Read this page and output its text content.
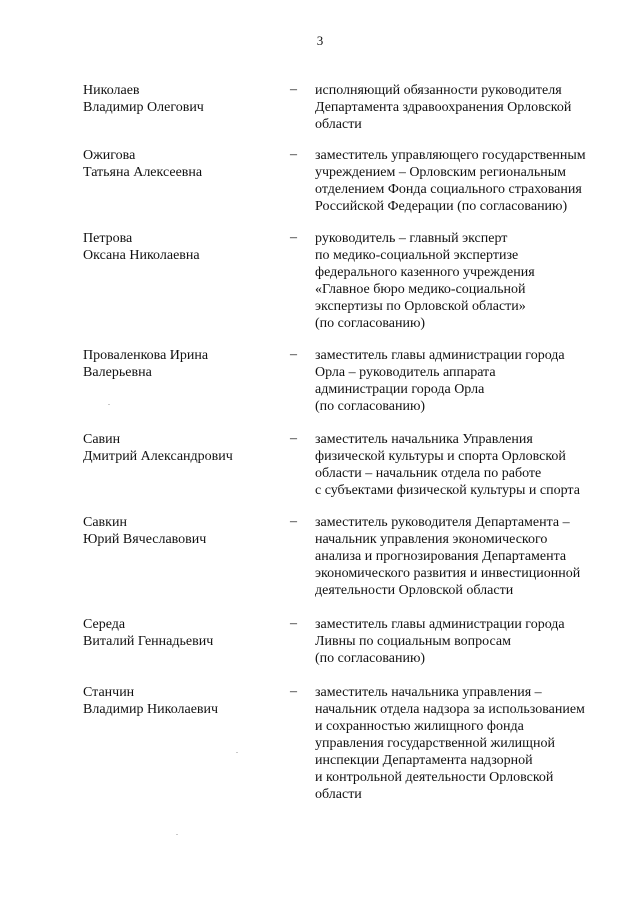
3
Николаев
Владимир Олегович
– исполняющий обязанности руководителя
Департамента здравоохранения Орловской
области
Ожигова
Татьяна Алексеевна
– заместитель управляющего государственным
учреждением – Орловским региональным
отделением Фонда социального страхования
Российской Федерации (по согласованию)
Петрова
Оксана Николаевна
– руководитель – главный эксперт
по медико-социальной экспертизе
федерального казенного учреждения
«Главное бюро медико-социальной
экспертизы по Орловской области»
(по согласованию)
Проваленкова Ирина
Валерьевна
– заместитель главы администрации города
Орла – руководитель аппарата
администрации города Орла
(по согласованию)
Савин
Дмитрий Александрович
– заместитель начальника Управления
физической культуры и спорта Орловской
области – начальник отдела по работе
с субъектами физической культуры и спорта
Савкин
Юрий Вячеславович
– заместитель руководителя Департамента –
начальник управления экономического
анализа и прогнозирования Департамента
экономического развития и инвестиционной
деятельности Орловской области
Середа
Виталий Геннадьевич
– заместитель главы администрации города
Ливны по социальным вопросам
(по согласованию)
Станчин
Владимир Николаевич
– заместитель начальника управления –
начальник отдела надзора за использованием
и сохранностью жилищного фонда
управления государственной жилищной
инспекции Департамента надзорной
и контрольной деятельности Орловской
области
